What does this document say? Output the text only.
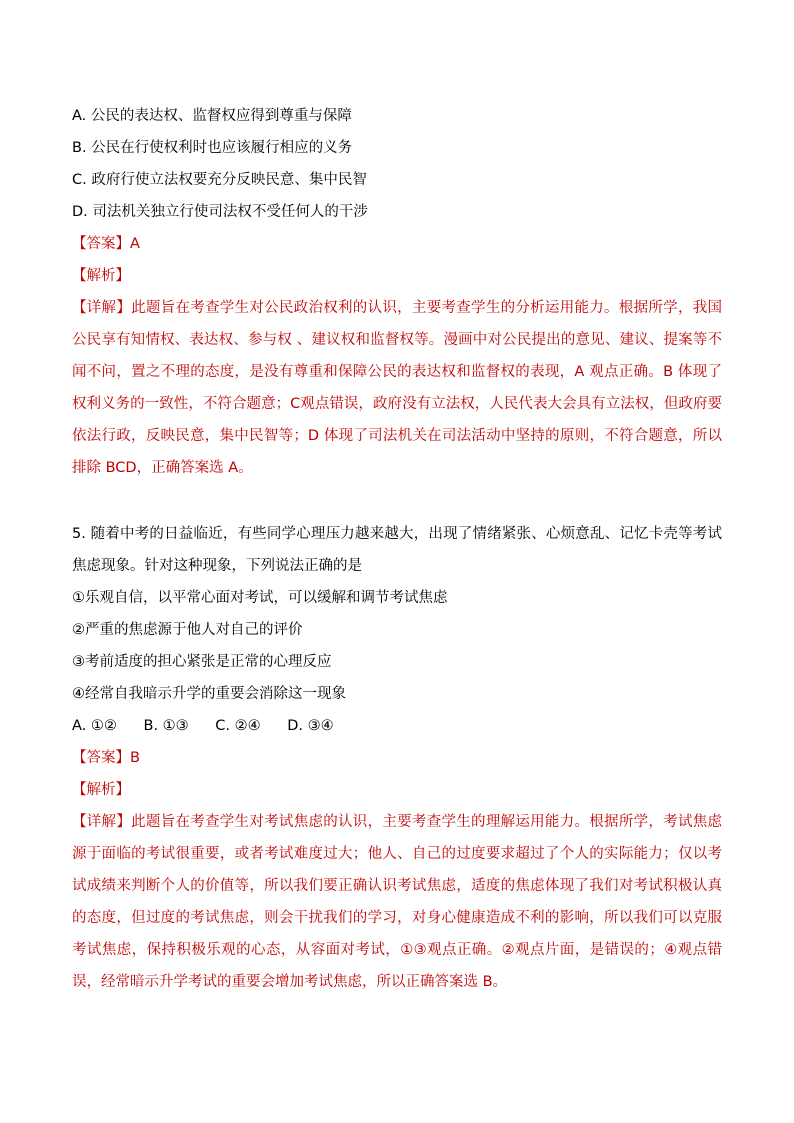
A. 公民的表达权、监督权应得到尊重与保障
B. 公民在行使权利时也应该履行相应的义务
C. 政府行使立法权要充分反映民意、集中民智
D. 司法机关独立行使司法权不受任何人的干涉
【答案】A
【解析】
【详解】此题旨在考查学生对公民政治权利的认识，主要考查学生的分析运用能力。根据所学，我国公民享有知情权、表达权、参与权 、建议权和监督权等。漫画中对公民提出的意见、建议、提案等不闻不问，置之不理的态度，是没有尊重和保障公民的表达权和监督权的表现，A 观点正确。B 体现了权利义务的一致性，不符合题意；C观点错误，政府没有立法权，人民代表大会具有立法权，但政府要依法行政，反映民意，集中民智等；D 体现了司法机关在司法活动中坚持的原则，不符合题意，所以排除 BCD，正确答案选 A。
5. 随着中考的日益临近，有些同学心理压力越来越大，出现了情绪紧张、心烦意乱、记忆卡壳等考试焦虑现象。针对这种现象，下列说法正确的是
①乐观自信，以平常心面对考试，可以缓解和调节考试焦虑
②严重的焦虑源于他人对自己的评价
③考前适度的担心紧张是正常的心理反应
④经常自我暗示升学的重要会消除这一现象
A. ①② B. ①③ C. ②④ D. ③④
【答案】B
【解析】
【详解】此题旨在考查学生对考试焦虑的认识，主要考查学生的理解运用能力。根据所学，考试焦虑源于面临的考试很重要，或者考试难度过大；他人、自己的过度要求超过了个人的实际能力；仅以考试成绩来判断个人的价值等，所以我们要正确认识考试焦虑，适度的焦虑体现了我们对考试积极认真的态度，但过度的考试焦虑，则会干扰我们的学习，对身心健康造成不利的影响，所以我们可以克服考试焦虑，保持积极乐观的心态，从容面对考试，①③观点正确。②观点片面，是错误的；④观点错误，经常暗示升学考试的重要会增加考试焦虑，所以正确答案选 B。
